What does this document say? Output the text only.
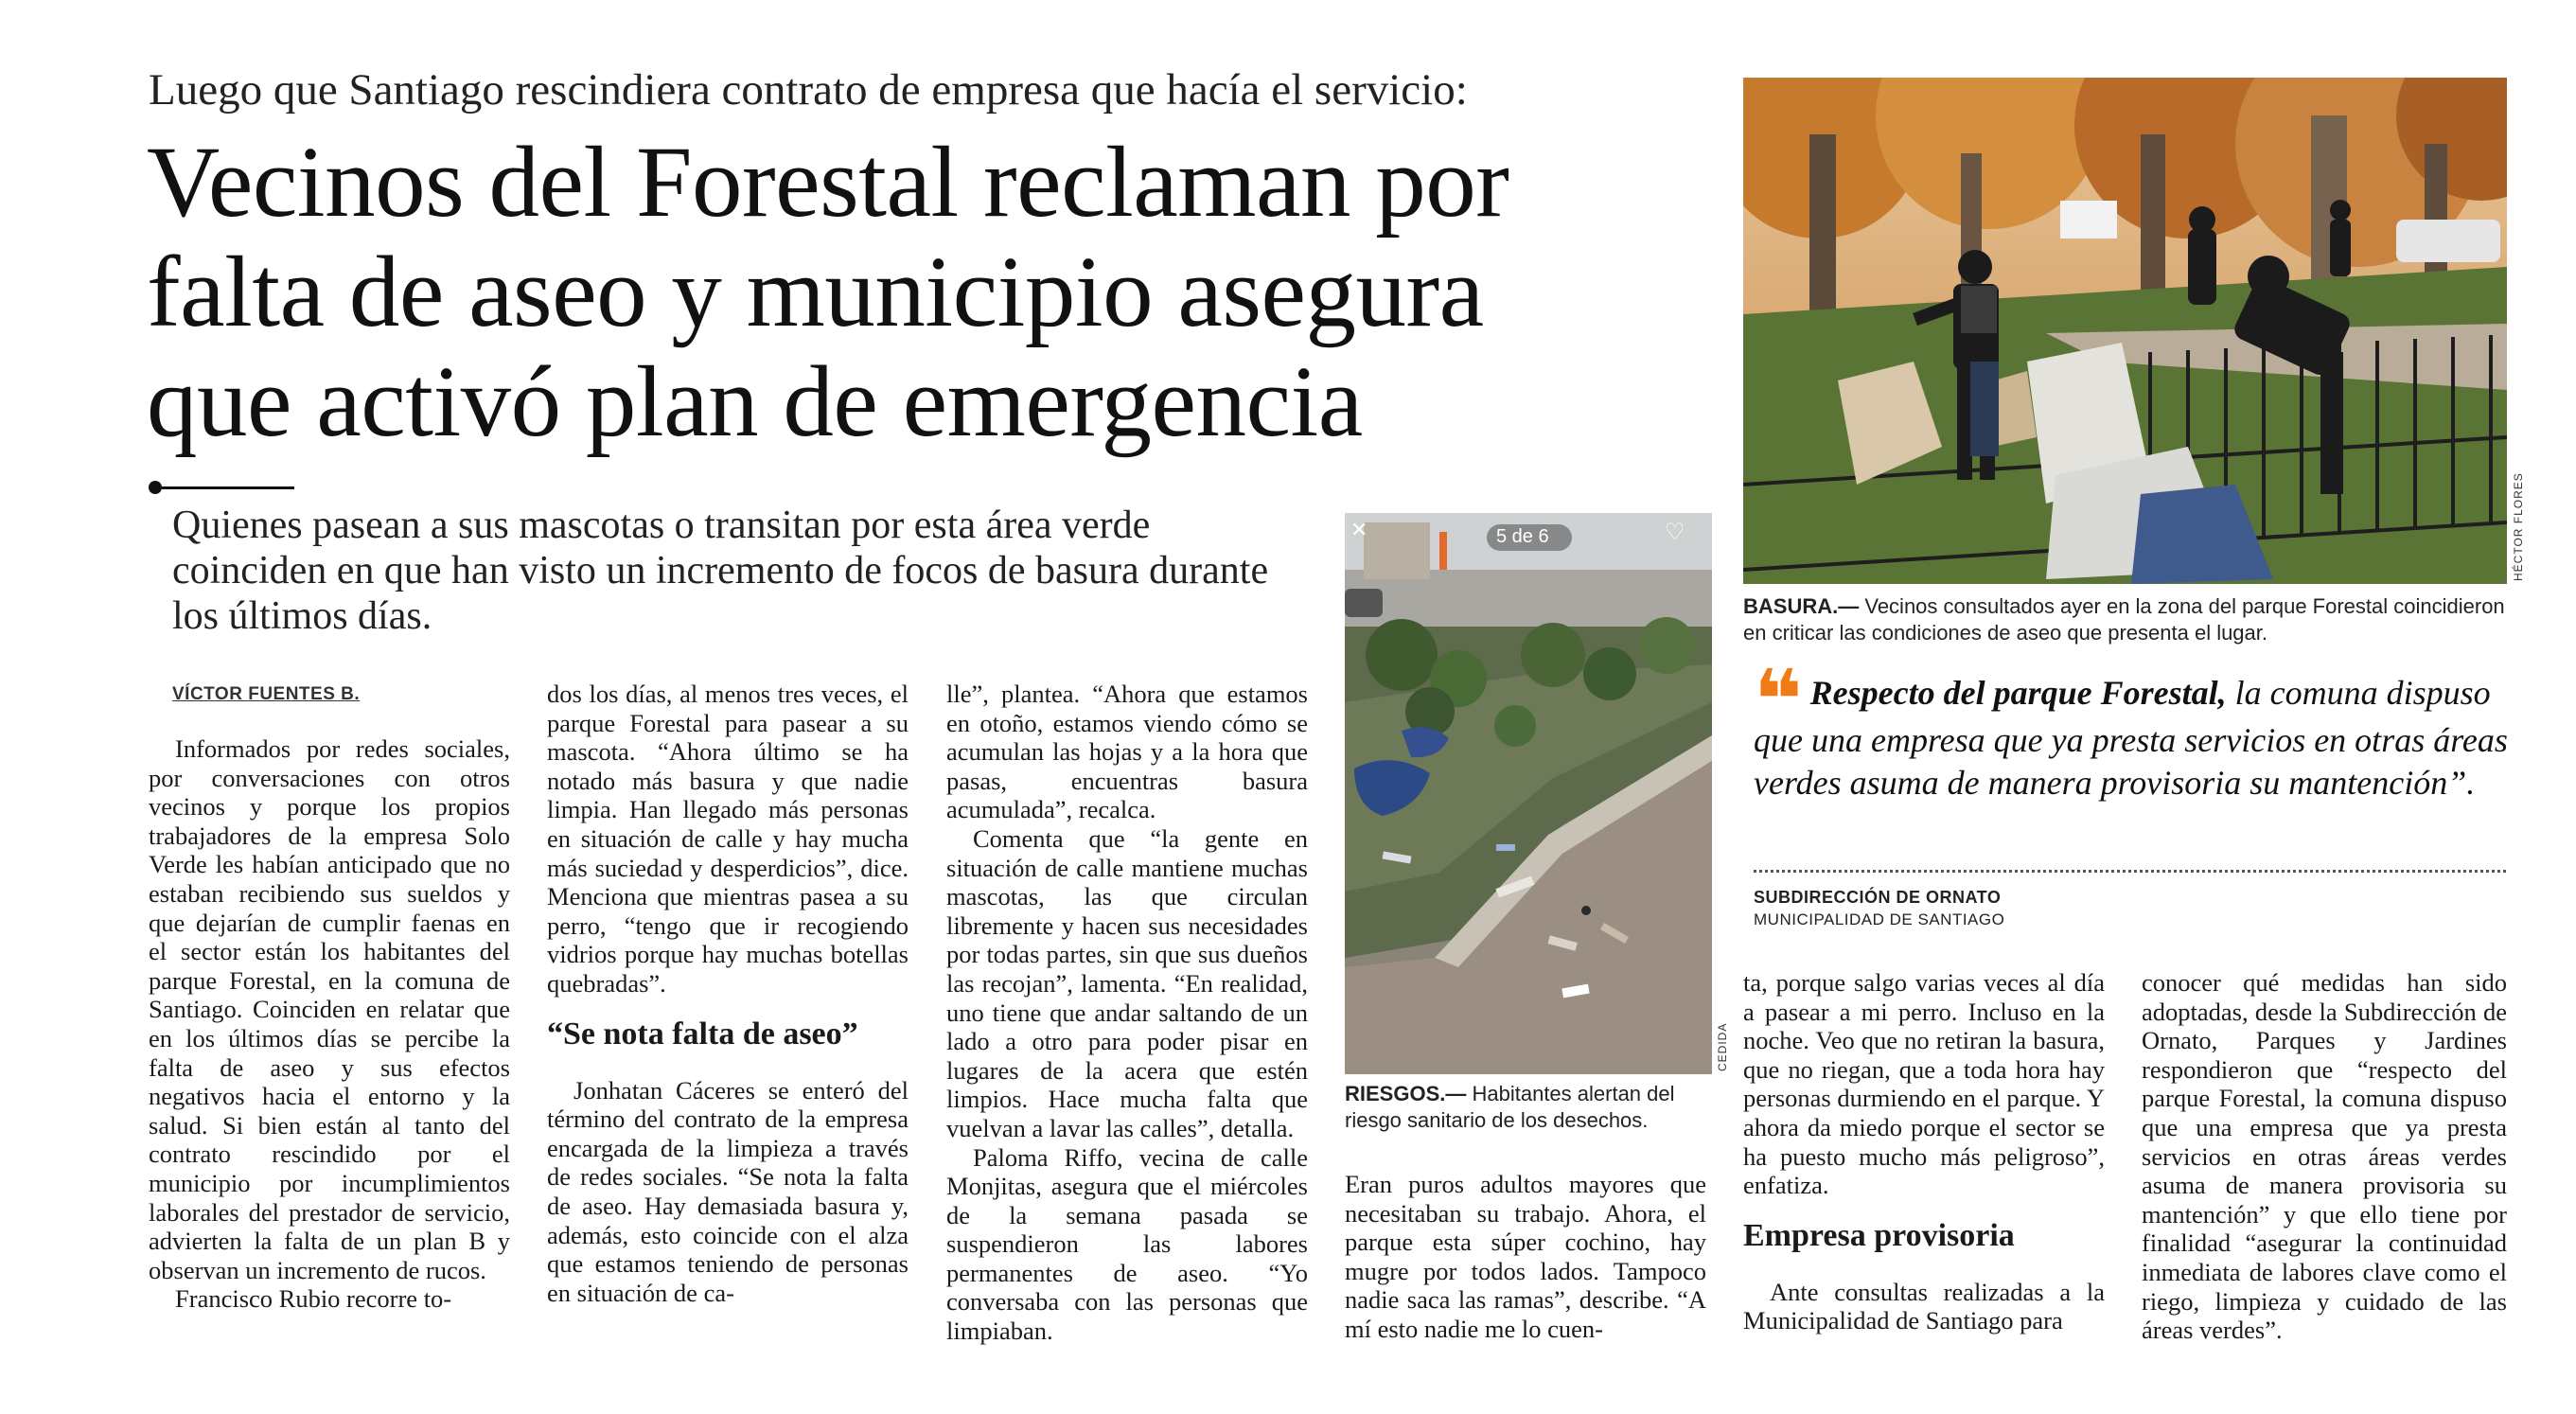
Luego que Santiago rescindiera contrato de empresa que hacía el servicio:
Vecinos del Forestal reclaman por
falta de aseo y municipio asegura
que activó plan de emergencia
Quienes pasean a sus mascotas o transitan por esta área verde coinciden en que han visto un incremento de focos de basura durante los últimos días.
VÍCTOR FUENTES B.

Informados por redes sociales, por conversaciones con otros vecinos y porque los propios trabajadores de la empresa Solo Verde les habían anticipado que no estaban recibiendo sus sueldos y que dejarían de cumplir faenas en el sector están los habitantes del parque Forestal, en la comuna de Santiago. Coinciden en relatar que en los últimos días se percibe la falta de aseo y sus efectos negativos hacia el entorno y la salud. Si bien están al tanto del contrato rescindido por el municipio por incumplimientos laborales del prestador de servicio, advierten la falta de un plan B y observan un incremento de rucos.

Francisco Rubio recorre to-

dos los días, al menos tres veces, el parque Forestal para pasear a su mascota. “Ahora último se ha notado más basura y que nadie limpia. Han llegado más personas en situación de calle y hay mucha más suciedad y desperdicios”, dice. Menciona que mientras pasea a su perro, “tengo que ir recogiendo vidrios porque hay muchas botellas quebradas”.

“Se nota falta de aseo”

Jonhatan Cáceres se enteró del término del contrato de la empresa encargada de la limpieza a través de redes sociales. “Se nota la falta de aseo. Hay demasiada basura y, además, esto coincide con el alza que estamos teniendo de personas en situación de ca-

lle”, plantea. “Ahora que estamos en otoño, estamos viendo cómo se acumulan las hojas y a la hora que pasas, encuentras basura acumulada”, recalca.

Comenta que “la gente en situación de calle mantiene muchas mascotas, las que circulan libremente y hacen sus necesidades por todas partes, sin que sus dueños las recojan”, lamenta. “En realidad, uno tiene que andar saltando de un lado a otro para poder pisar en lugares de la acera que estén limpios. Hace mucha falta que vuelvan a lavar las calles”, detalla.

Paloma Riffo, vecina de calle Monjitas, asegura que el miércoles de la semana pasada se suspendieron las labores permanentes de aseo. “Yo conversaba con las personas que limpiaban.

5 de 6
✕	♡
CEDIDA
RIESGOS.— Habitantes alertan del riesgo sanitario de los desechos.

Eran puros adultos mayores que necesitaban su trabajo. Ahora, el parque esta súper cochino, hay mugre por todos lados. Tampoco nadie saca las ramas”, describe. “A mí esto nadie me lo cuen-

HÉCTOR FLORES
BASURA.— Vecinos consultados ayer en la zona del parque Forestal coincidieron en criticar las condiciones de aseo que presenta el lugar.
❝ Respecto del parque Forestal, la comuna dispuso que una empresa que ya presta servicios en otras áreas verdes asuma de manera provisoria su mantención”.
SUBDIRECCIÓN DE ORNATO
MUNICIPALIDAD DE SANTIAGO

ta, porque salgo varias veces al día a pasear a mi perro. Incluso en la noche. Veo que no retiran la basura, que no riegan, que a toda hora hay personas durmiendo en el parque. Y ahora da miedo porque el sector se ha puesto mucho más peligroso”, enfatiza.

Empresa provisoria

Ante consultas realizadas a la Municipalidad de Santiago para

conocer qué medidas han sido adoptadas, desde la Subdirección de Ornato, Parques y Jardines respondieron que “respecto del parque Forestal, la comuna dispuso que una empresa que ya presta servicios en otras áreas verdes asuma de manera provisoria su mantención” y que ello tiene por finalidad “asegurar la continuidad inmediata de labores clave como el riego, limpieza y cuidado de las áreas verdes”.
